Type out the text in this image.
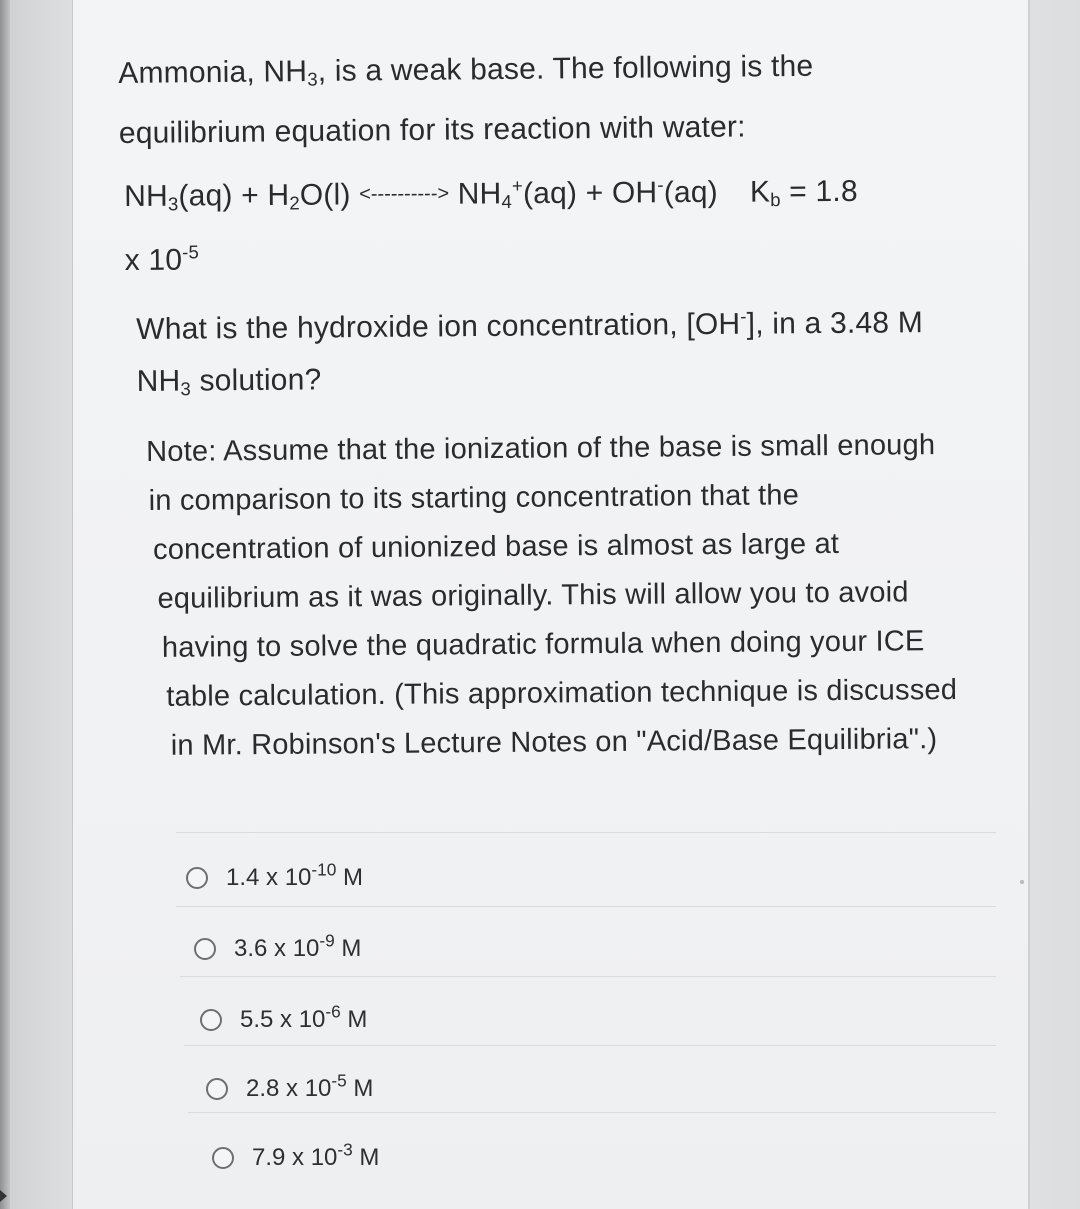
Ammonia, $NH_3$, is a weak base. The following is the
equilibrium equation for its reaction with water:
$NH_3(aq) + H_2O(l)$ <----------> $NH_4^+(aq) + OH^-(aq) K_b = 1.8$
x $10^{-5}$
What is the hydroxide ion concentration, [OH-], in a 3.48 M
$NH_3$ solution?
Note: Assume that the ionization of the base is small enough
in comparison to its starting concentration that the
concentration of unionized base is almost as large at
equilibrium as it was originally. This will allow you to avoid
having to solve the quadratic formula when doing your ICE
table calculation. (This approximation technique is discussed
in Mr. Robinson's Lecture Notes on "Acid/Base Equilibria".)
1.4 x $10^{-10}$ M
3.6 x $10^{-9}$ M
5.5 x $10^{-6}$ M
2.8 x $10^{-5}$ M
7.9 x $10^{-3}$ M
